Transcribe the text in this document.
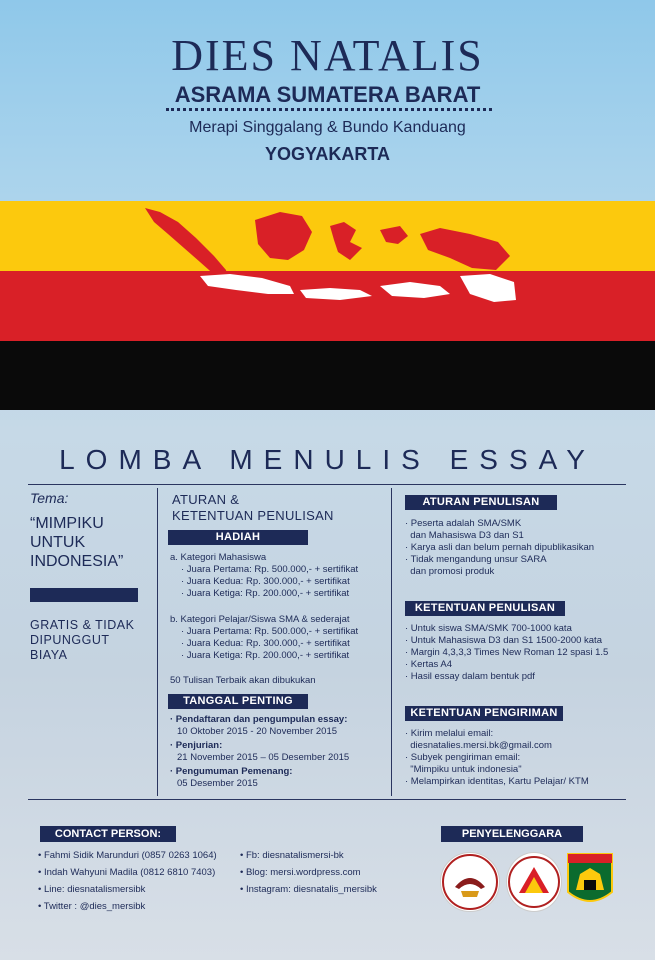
DIES NATALIS
ASRAMA SUMATERA BARAT
Merapi Singgalang & Bundo Kanduang
YOGYAKARTA
LOMBA MENULIS ESSAY
Tema:
“MIMPIKU UNTUK INDONESIA”
GRATIS & TIDAK DIPUNGGUT BIAYA
ATURAN &
KETENTUAN PENULISAN
HADIAH
a. Kategori Mahasiswa
· Juara Pertama: Rp. 500.000,- + sertifikat
· Juara Kedua: Rp. 300.000,- + sertifikat
· Juara Ketiga: Rp. 200.000,- + sertifikat
b. Kategori Pelajar/Siswa SMA & sederajat
· Juara Pertama: Rp. 500.000,- + sertifikat
· Juara Kedua: Rp. 300.000,- + sertifikat
· Juara Ketiga: Rp. 200.000,- + sertifikat
50 Tulisan Terbaik akan dibukukan
TANGGAL PENTING
· Pendaftaran dan pengumpulan essay:
10 Oktober 2015 - 20 November 2015
· Penjurian:
21 November 2015 – 05 Desember 2015
· Pengumuman Pemenang:
05 Desember 2015
ATURAN PENULISAN
· Peserta adalah SMA/SMK
dan Mahasiswa D3 dan S1
· Karya asli dan belum pernah dipublikasikan
· Tidak mengandung unsur SARA
dan promosi produk
KETENTUAN PENULISAN
· Untuk siswa SMA/SMK 700-1000 kata
· Untuk Mahasiswa D3 dan S1 1500-2000 kata
· Margin 4,3,3,3 Times New Roman 12 spasi 1.5
· Kertas A4
· Hasil essay dalam bentuk pdf
KETENTUAN PENGIRIMAN
· Kirim melalui email:
diesnatalies.mersi.bk@gmail.com
· Subyek pengiriman email:
"Mimpiku untuk indonesia"
· Melampirkan identitas, Kartu Pelajar/ KTM
CONTACT PERSON:
• Fahmi Sidik Marunduri (0857 0263 1064)
• Indah Wahyuni Madila (0812 6810 7403)
• Line: diesnatalismersibk
• Twitter : @dies_mersibk
• Fb: diesnatalismersi-bk
• Blog: mersi.wordpress.com
• Instagram: diesnatalis_mersibk
PENYELENGGARA
